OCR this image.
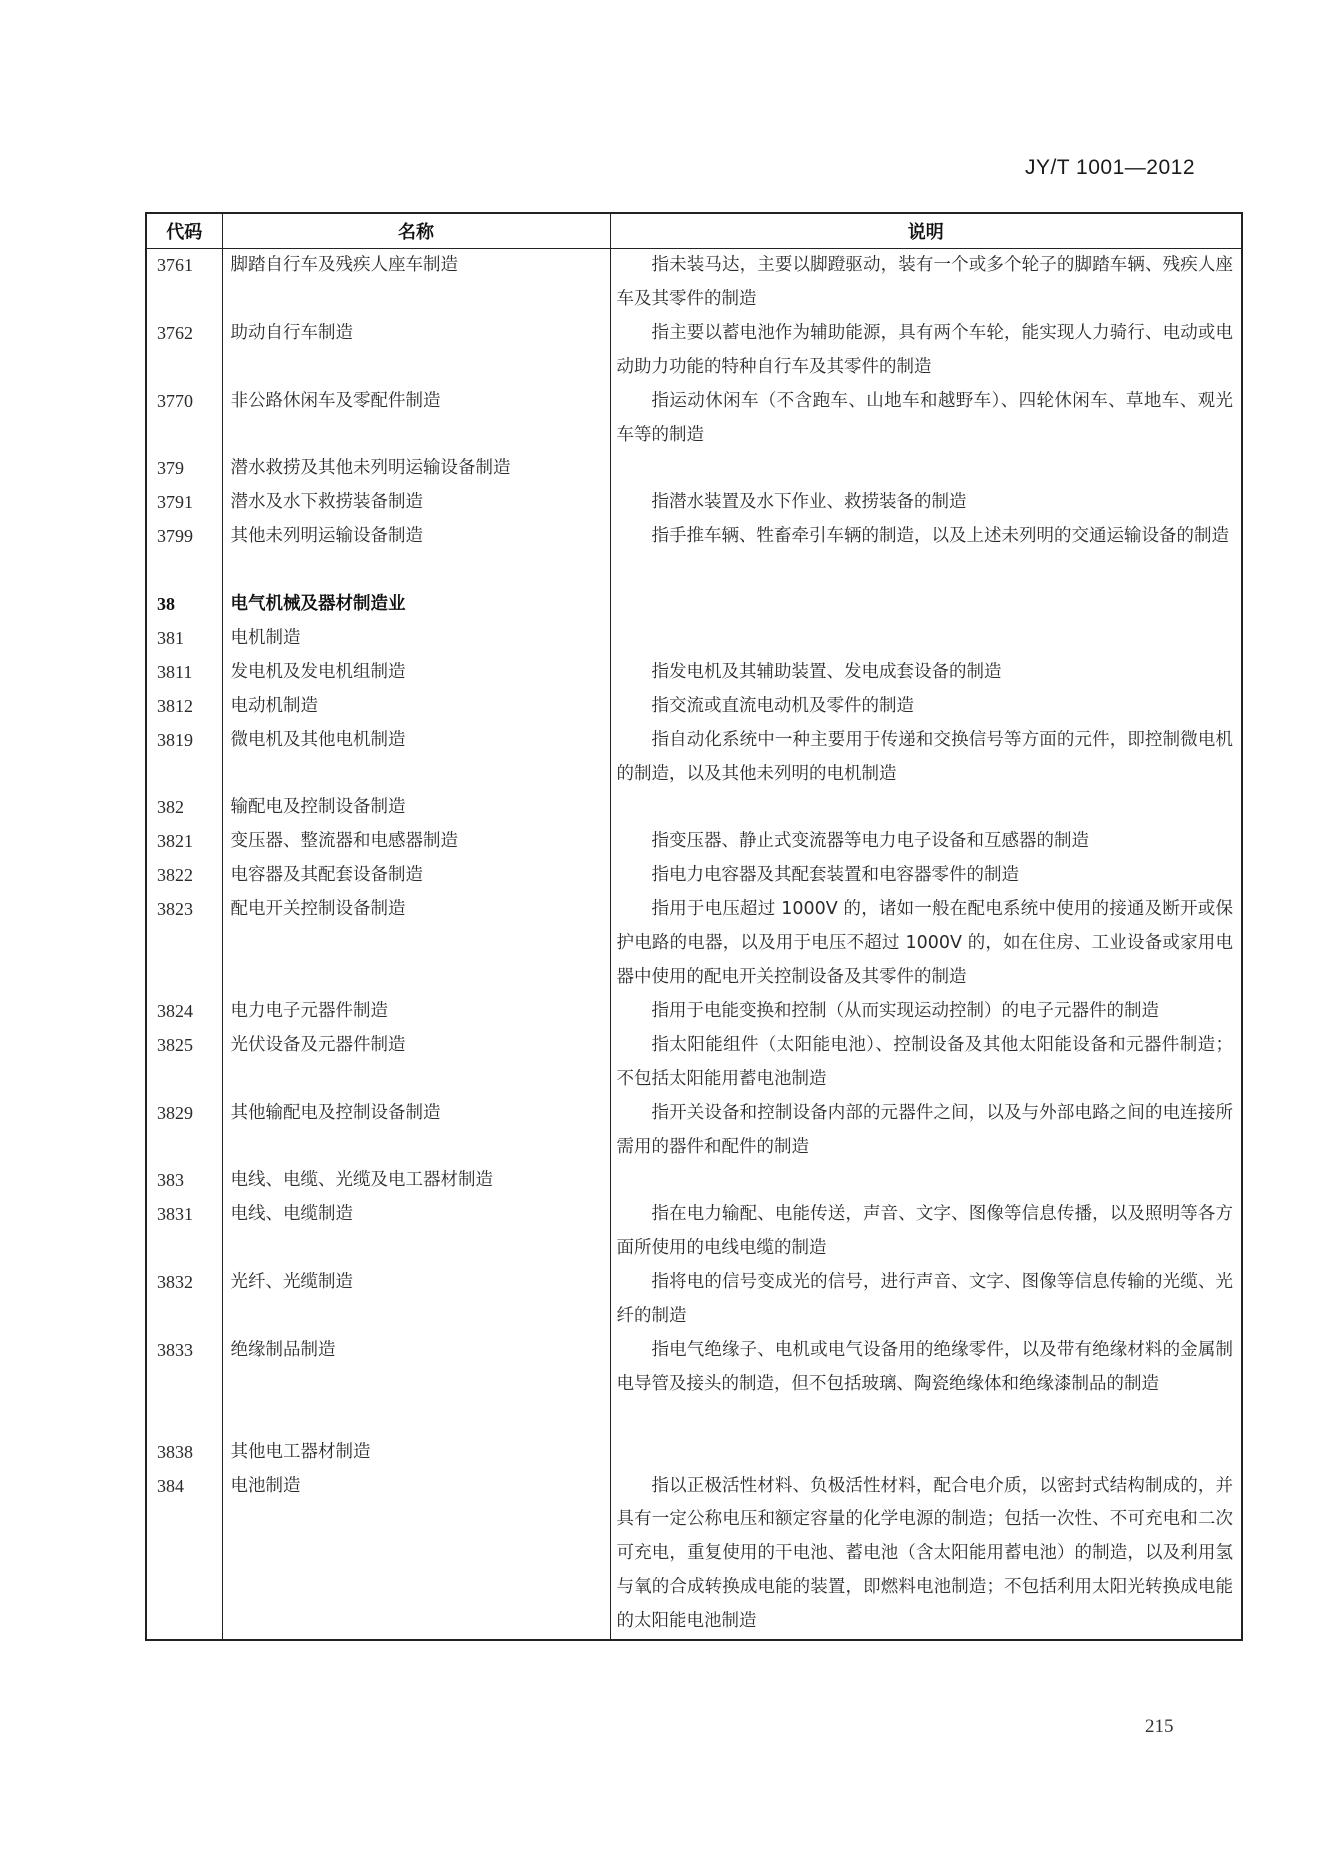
JY/T 1001—2012
代码	名称	说明
3761	脚踏自行车及残疾人座车制造	指未装马达，主要以脚蹬驱动，装有一个或多个轮子的脚踏车辆、残疾人座车及其零件的制造
3762	助动自行车制造	指主要以蓄电池作为辅助能源，具有两个车轮，能实现人力骑行、电动或电动助力功能的特种自行车及其零件的制造
3770	非公路休闲车及零配件制造	指运动休闲车（不含跑车、山地车和越野车）、四轮休闲车、草地车、观光车等的制造
379	潜水救捞及其他未列明运输设备制造	
3791	潜水及水下救捞装备制造	指潜水装置及水下作业、救捞装备的制造
3799	其他未列明运输设备制造	指手推车辆、牲畜牵引车辆的制造，以及上述未列明的交通运输设备的制造
38	电气机械及器材制造业	
381	电机制造	
3811	发电机及发电机组制造	指发电机及其辅助装置、发电成套设备的制造
3812	电动机制造	指交流或直流电动机及零件的制造
3819	微电机及其他电机制造	指自动化系统中一种主要用于传递和交换信号等方面的元件，即控制微电机的制造，以及其他未列明的电机制造
382	输配电及控制设备制造	
3821	变压器、整流器和电感器制造	指变压器、静止式变流器等电力电子设备和互感器的制造
3822	电容器及其配套设备制造	指电力电容器及其配套装置和电容器零件的制造
3823	配电开关控制设备制造	指用于电压超过 1000V 的，诸如一般在配电系统中使用的接通及断开或保护电路的电器，以及用于电压不超过 1000V 的，如在住房、工业设备或家用电器中使用的配电开关控制设备及其零件的制造
3824	电力电子元器件制造	指用于电能变换和控制（从而实现运动控制）的电子元器件的制造
3825	光伏设备及元器件制造	指太阳能组件（太阳能电池）、控制设备及其他太阳能设备和元器件制造；不包括太阳能用蓄电池制造
3829	其他输配电及控制设备制造	指开关设备和控制设备内部的元器件之间，以及与外部电路之间的电连接所需用的器件和配件的制造
383	电线、电缆、光缆及电工器材制造	
3831	电线、电缆制造	指在电力输配、电能传送，声音、文字、图像等信息传播，以及照明等各方面所使用的电线电缆的制造
3832	光纤、光缆制造	指将电的信号变成光的信号，进行声音、文字、图像等信息传输的光缆、光纤的制造
3833	绝缘制品制造	指电气绝缘子、电机或电气设备用的绝缘零件，以及带有绝缘材料的金属制电导管及接头的制造，但不包括玻璃、陶瓷绝缘体和绝缘漆制品的制造
3838	其他电工器材制造	
384	电池制造	指以正极活性材料、负极活性材料，配合电介质，以密封式结构制成的，并具有一定公称电压和额定容量的化学电源的制造；包括一次性、不可充电和二次可充电，重复使用的干电池、蓄电池（含太阳能用蓄电池）的制造，以及利用氢与氧的合成转换成电能的装置，即燃料电池制造；不包括利用太阳光转换成电能的太阳能电池制造
215
